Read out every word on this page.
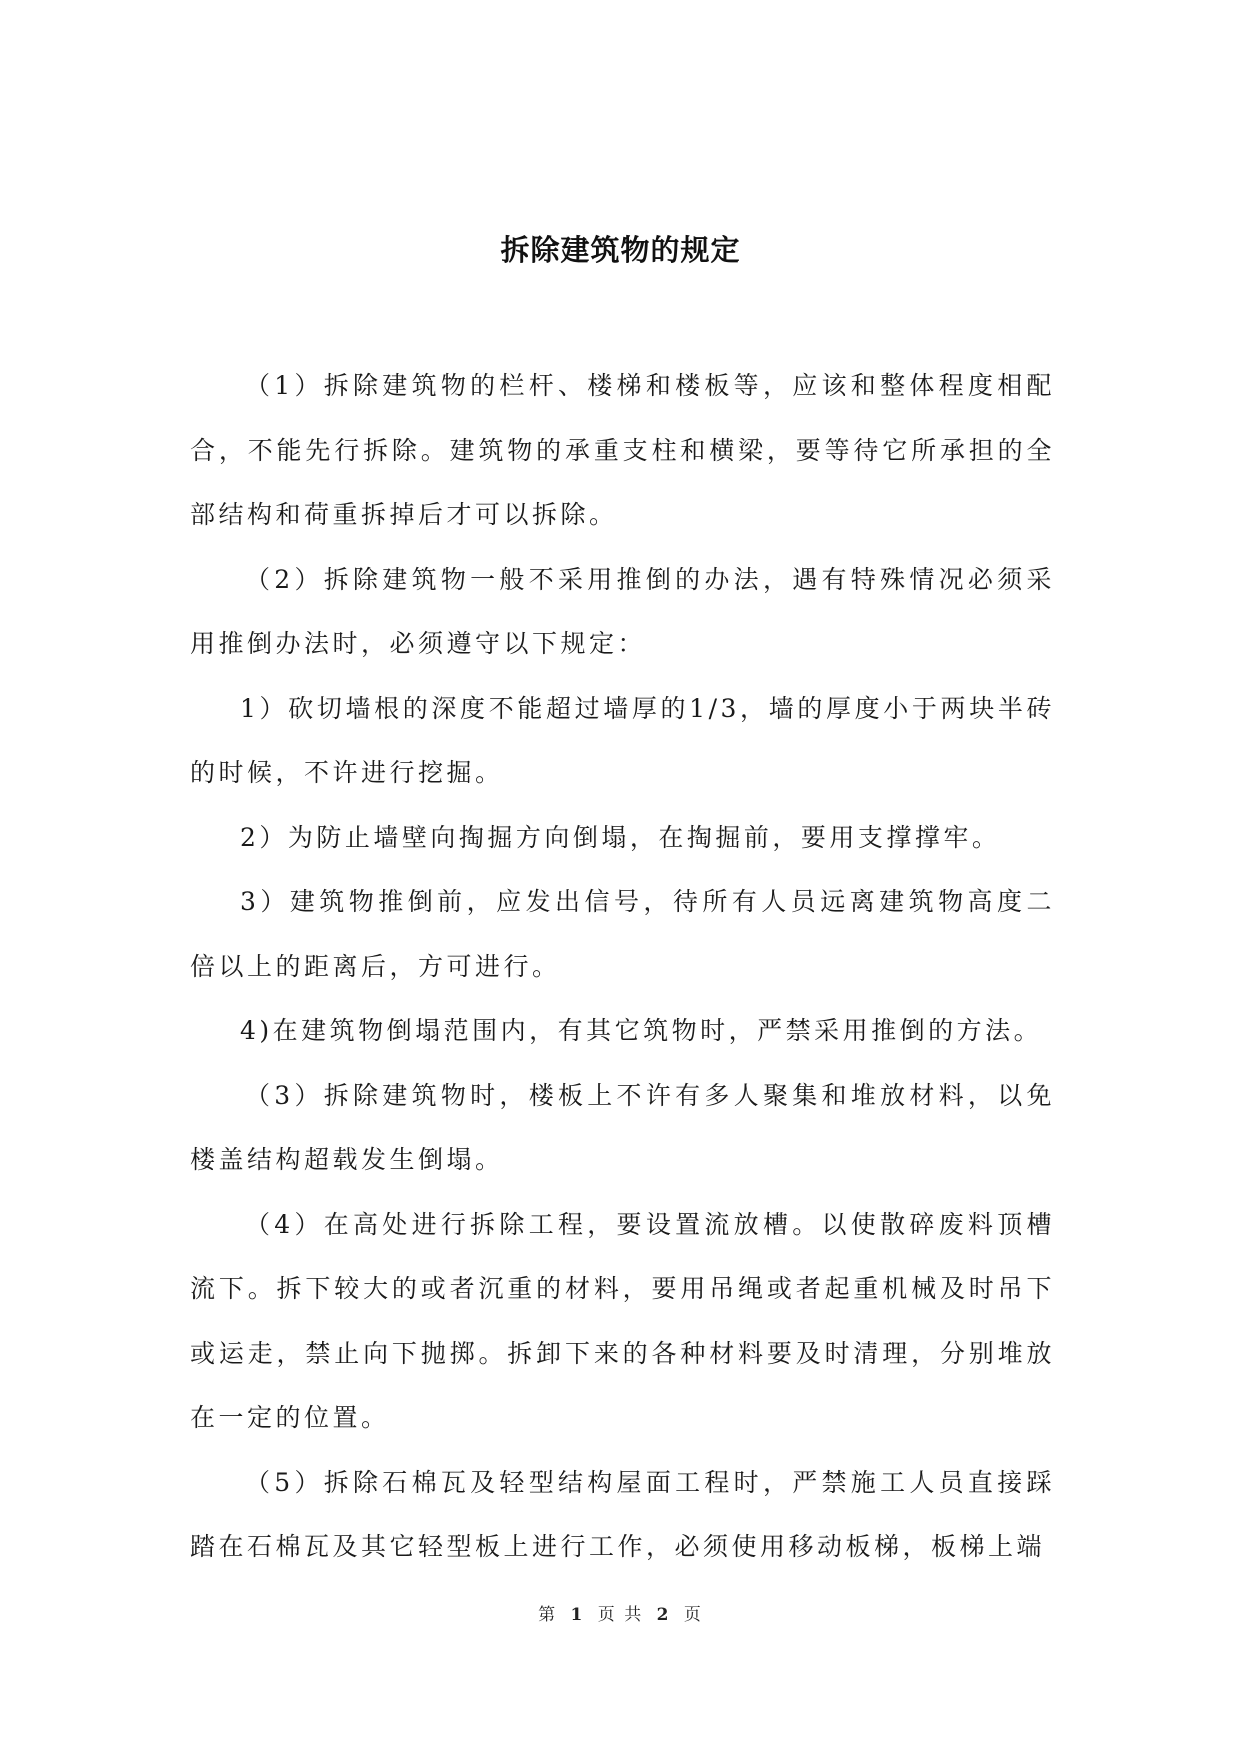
拆除建筑物的规定

（1）拆除建筑物的栏杆、楼梯和楼板等，应该和整体程度相配合，不能先行拆除。建筑物的承重支柱和横梁，要等待它所承担的全部结构和荷重拆掉后才可以拆除。

（2）拆除建筑物一般不采用推倒的办法，遇有特殊情况必须采用推倒办法时，必须遵守以下规定：

1）砍切墙根的深度不能超过墙厚的1/3，墙的厚度小于两块半砖的时候，不许进行挖掘。

2）为防止墙壁向掏掘方向倒塌，在掏掘前，要用支撑撑牢。

3）建筑物推倒前，应发出信号，待所有人员远离建筑物高度二倍以上的距离后，方可进行。

4)在建筑物倒塌范围内，有其它筑物时，严禁采用推倒的方法。

（3）拆除建筑物时，楼板上不许有多人聚集和堆放材料，以免楼盖结构超载发生倒塌。

（4）在高处进行拆除工程，要设置流放槽。以使散碎废料顶槽流下。拆下较大的或者沉重的材料，要用吊绳或者起重机械及时吊下或运走，禁止向下抛掷。拆卸下来的各种材料要及时清理，分别堆放在一定的位置。

（5）拆除石棉瓦及轻型结构屋面工程时，严禁施工人员直接踩踏在石棉瓦及其它轻型板上进行工作，必须使用移动板梯，板梯上端

第 1 页 共 2 页
